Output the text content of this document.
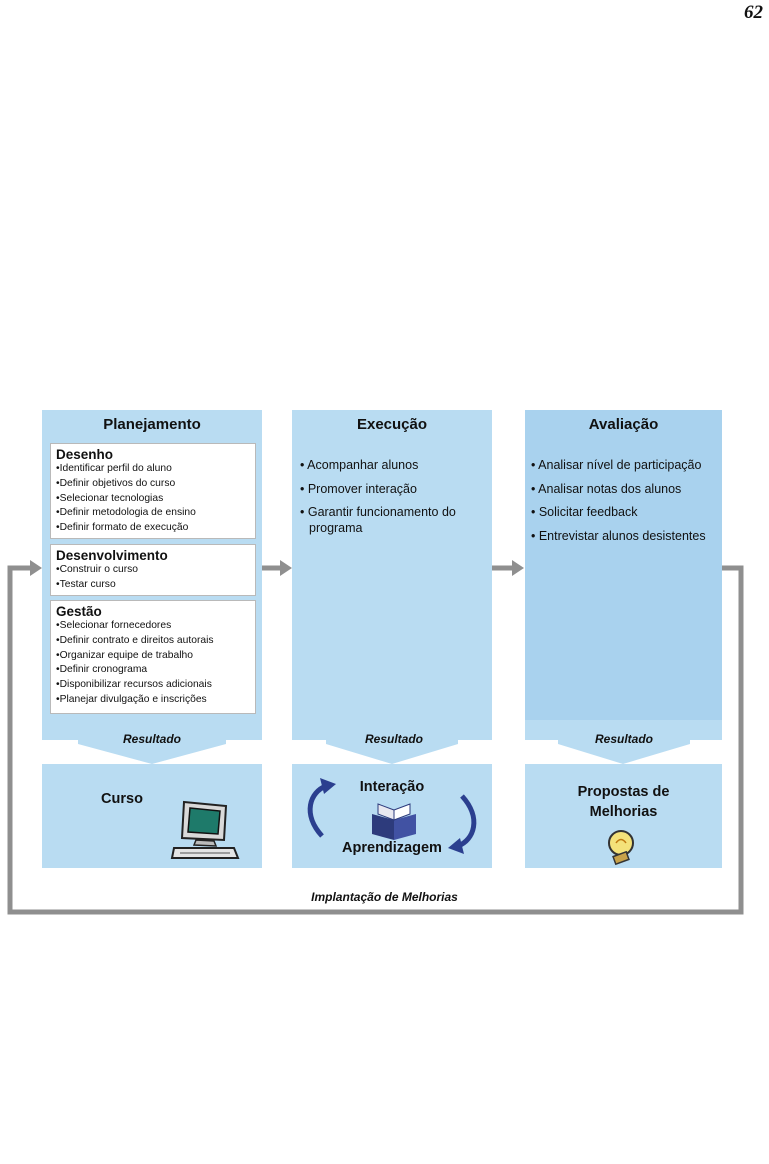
62
Planejamento
Desenho
•Identificar perfil do aluno
•Definir objetivos do curso
•Selecionar tecnologias
•Definir metodologia de ensino
•Definir formato de execução
Desenvolvimento
•Construir o curso
•Testar curso
Gestão
•Selecionar fornecedores
•Definir contrato e direitos autorais
•Organizar equipe de trabalho
•Definir cronograma
•Disponibilizar recursos adicionais
•Planejar divulgação e inscrições
Execução
• Acompanhar alunos
• Promover interação
• Garantir funcionamento do programa
Avaliação
• Analisar nível de participação
• Analisar notas dos alunos
• Solicitar feedback
• Entrevistar alunos desistentes
Resultado	Resultado	Resultado
Curso
Interação
Aprendizagem
Propostas de
Melhorias
Implantação de Melhorias
